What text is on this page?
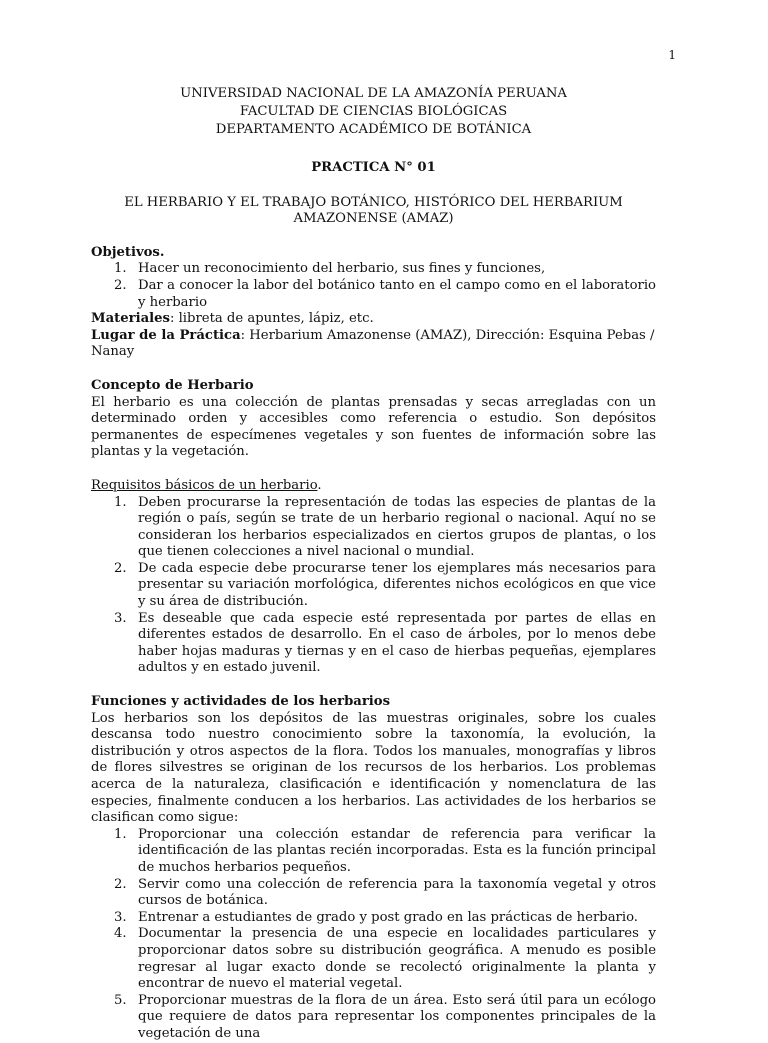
1
UNIVERSIDAD NACIONAL DE LA AMAZONÍA PERUANA
FACULTAD DE CIENCIAS BIOLÓGICAS
DEPARTAMENTO ACADÉMICO DE BOTÁNICA
PRACTICA N° 01
EL HERBARIO Y EL TRABAJO BOTÁNICO, HISTÓRICO DEL HERBARIUM
AMAZONENSE (AMAZ)
Objetivos.
1. Hacer un reconocimiento del herbario, sus fines y funciones,
2. Dar a conocer la labor del botánico tanto en el campo como en el laboratorio y herbario
Materiales: libreta de apuntes, lápiz, etc.
Lugar de la Práctica: Herbarium Amazonense (AMAZ), Dirección: Esquina Pebas / Nanay
Concepto de Herbario
El herbario es una colección de plantas prensadas y secas arregladas con un determinado orden y accesibles como referencia o estudio. Son depósitos permanentes de especímenes vegetales y son fuentes de información sobre las plantas y la vegetación.
Requisitos básicos de un herbario.
1. Deben procurarse la representación de todas las especies de plantas de la región o país, según se trate de un herbario regional o nacional. Aquí no se consideran los herbarios especializados en ciertos grupos de plantas, o los que tienen colecciones a nivel nacional o mundial.
2. De cada especie debe procurarse tener los ejemplares más necesarios para presentar su variación morfológica, diferentes nichos ecológicos en que vice y su área de distribución.
3. Es deseable que cada especie esté representada por partes de ellas en diferentes estados de desarrollo. En el caso de árboles, por lo menos debe haber hojas maduras y tiernas y en el caso de hierbas pequeñas, ejemplares adultos y en estado juvenil.
Funciones y actividades de los herbarios
Los herbarios son los depósitos de las muestras originales, sobre los cuales descansa todo nuestro conocimiento sobre la taxonomía, la evolución, la distribución y otros aspectos de la flora. Todos los manuales, monografías y libros de flores silvestres se originan de los recursos de los herbarios. Los problemas acerca de la naturaleza, clasificación e identificación y nomenclatura de las especies, finalmente conducen a los herbarios. Las actividades de los herbarios se clasifican como sigue:
1. Proporcionar una colección estandar de referencia para verificar la identificación de las plantas recién incorporadas. Esta es la función principal de muchos herbarios pequeños.
2. Servir como una colección de referencia para la taxonomía vegetal y otros cursos de botánica.
3. Entrenar a estudiantes de grado y post grado en las prácticas de herbario.
4. Documentar la presencia de una especie en localidades particulares y proporcionar datos sobre su distribución geográfica. A menudo es posible regresar al lugar exacto donde se recolectó originalmente la planta y encontrar de nuevo el material vegetal.
5. Proporcionar muestras de la flora de un área. Esto será útil para un ecólogo que requiere de datos para representar los componentes principales de la vegetación de una
